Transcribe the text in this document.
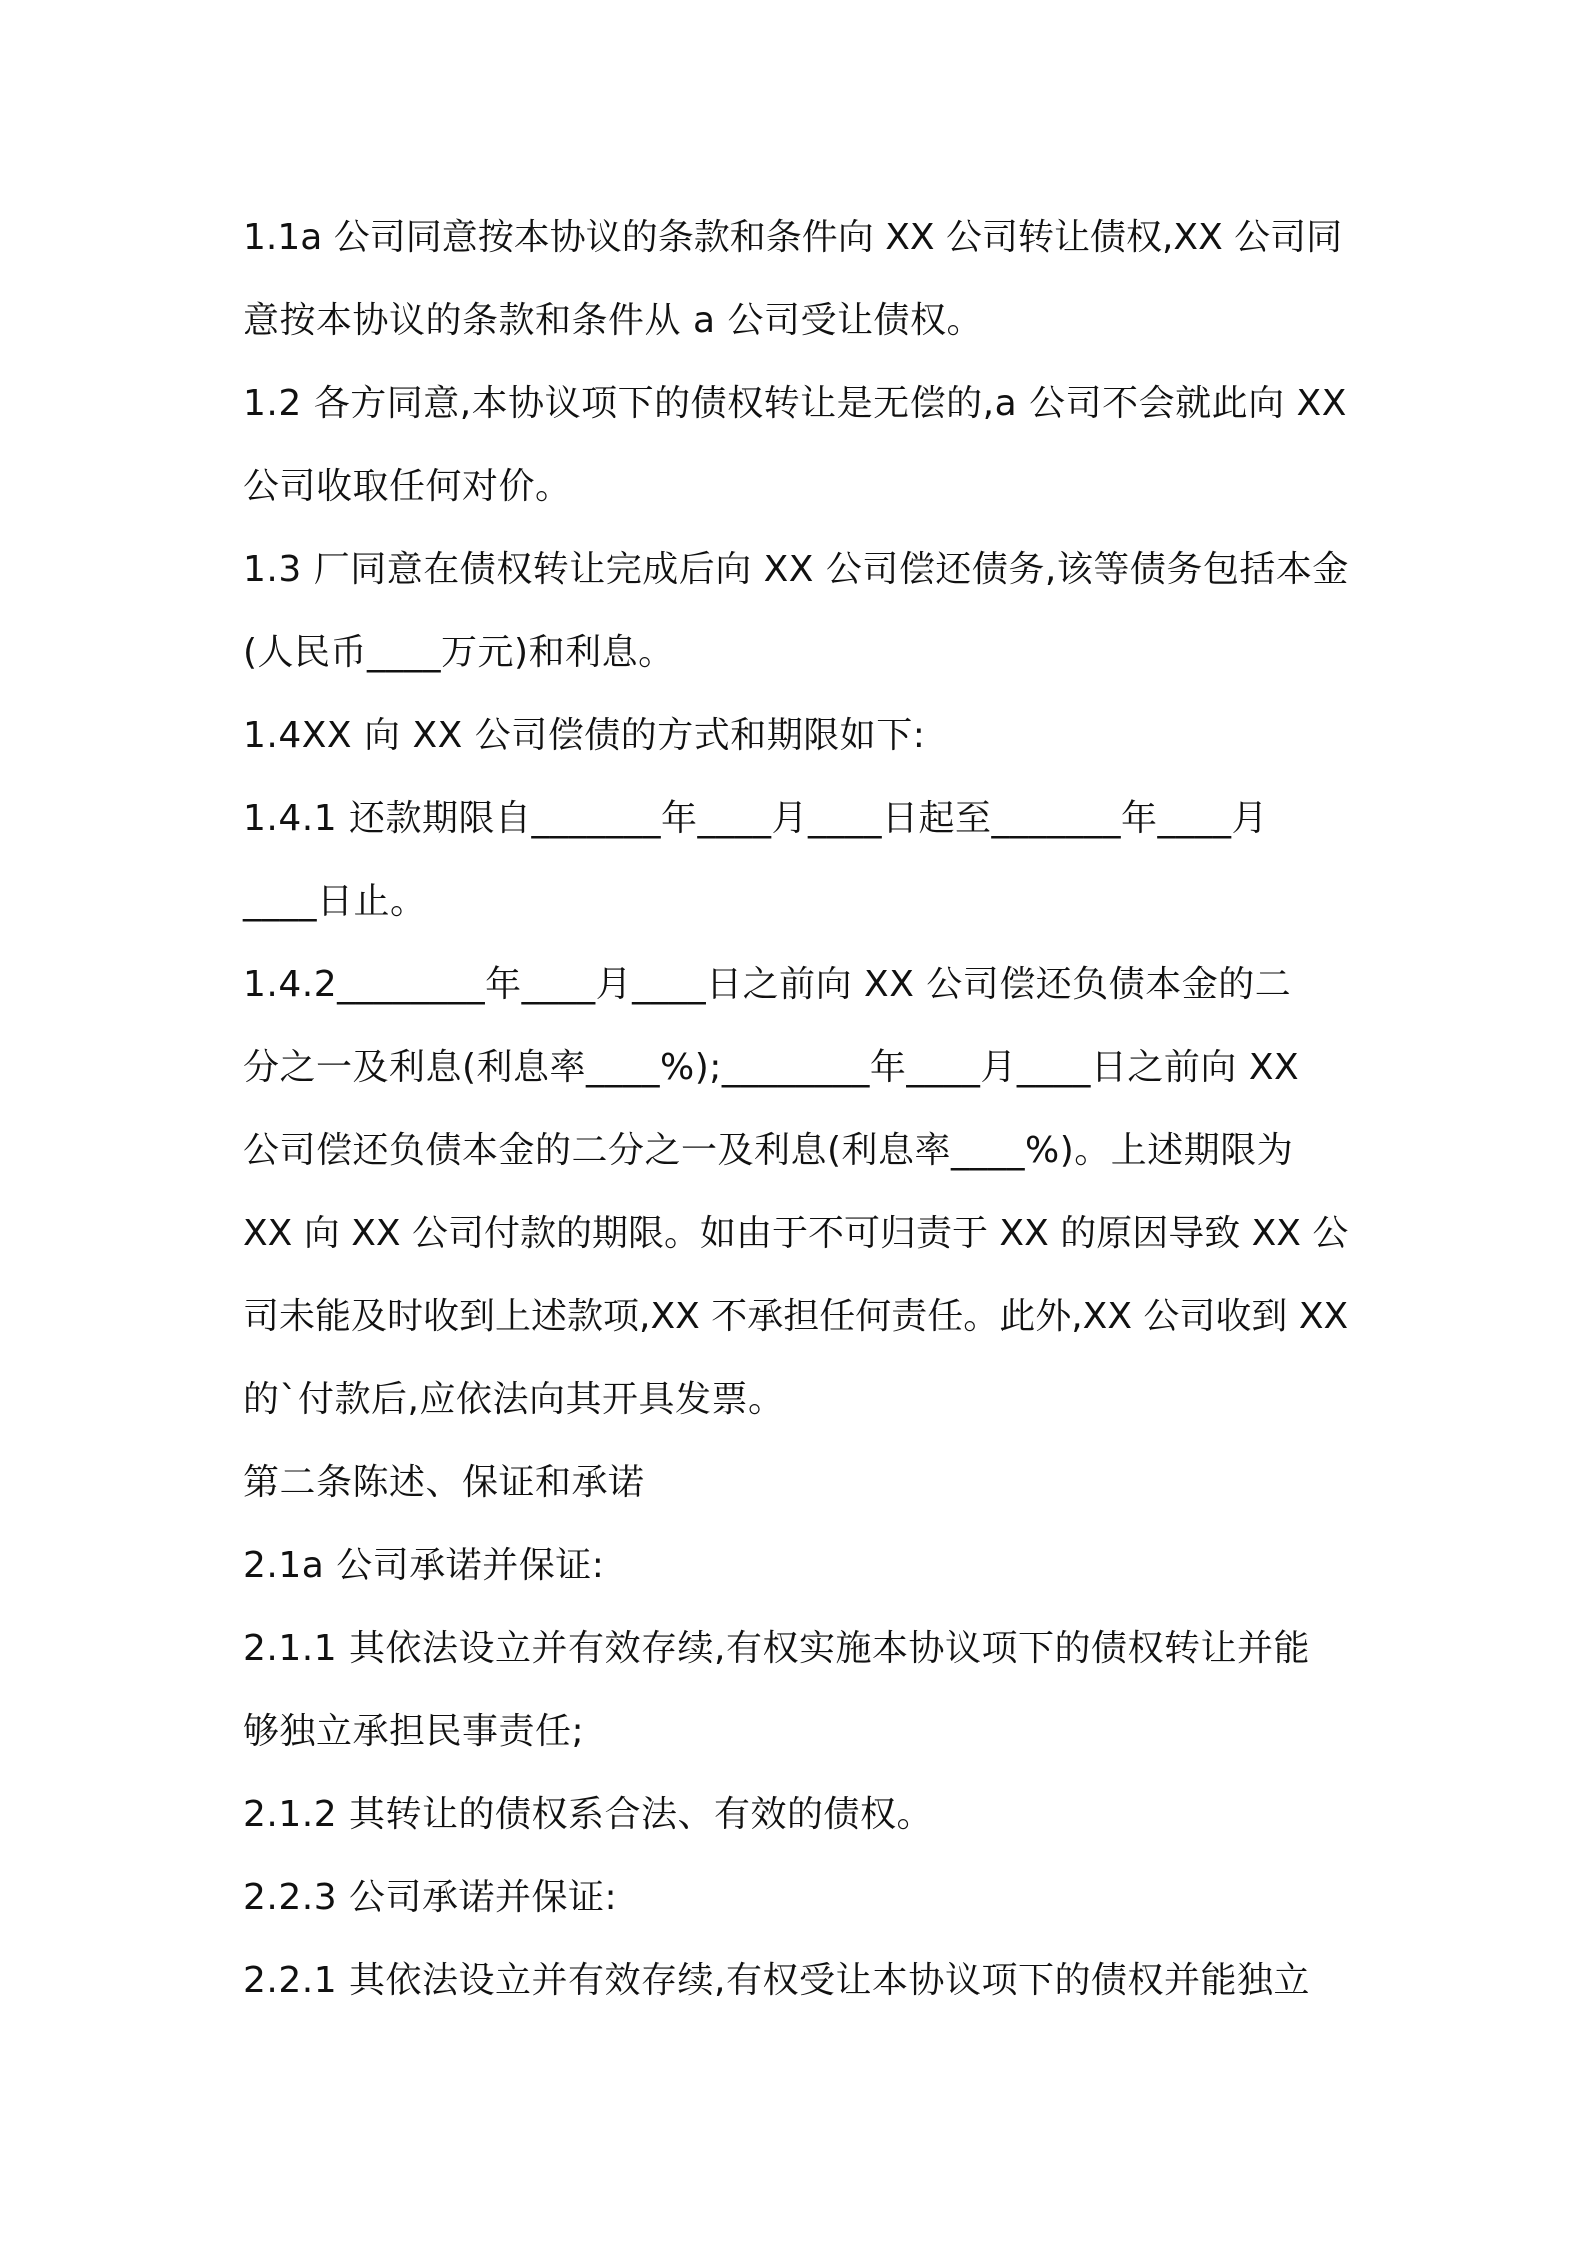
1.1a 公司同意按本协议的条款和条件向 XX 公司转让债权,XX 公司同
意按本协议的条款和条件从 a 公司受让债权。
1.2 各方同意,本协议项下的债权转让是无偿的,a 公司不会就此向 XX
公司收取任何对价。
1.3 厂同意在债权转让完成后向 XX 公司偿还债务,该等债务包括本金
(人民币____万元)和利息。
1.4XX 向 XX 公司偿债的方式和期限如下:
1.4.1 还款期限自_______年____月____日起至_______年____月
____日止。
1.4.2________年____月____日之前向 XX 公司偿还负债本金的二
分之一及利息(利息率____%);________年____月____日之前向 XX
公司偿还负债本金的二分之一及利息(利息率____%)。上述期限为
XX 向 XX 公司付款的期限。如由于不可归责于 XX 的原因导致 XX 公
司未能及时收到上述款项,XX 不承担任何责任。此外,XX 公司收到 XX
的`付款后,应依法向其开具发票。
第二条陈述、保证和承诺
2.1a 公司承诺并保证:
2.1.1 其依法设立并有效存续,有权实施本协议项下的债权转让并能
够独立承担民事责任;
2.1.2 其转让的债权系合法、有效的债权。
2.2.3 公司承诺并保证:
2.2.1 其依法设立并有效存续,有权受让本协议项下的债权并能独立
